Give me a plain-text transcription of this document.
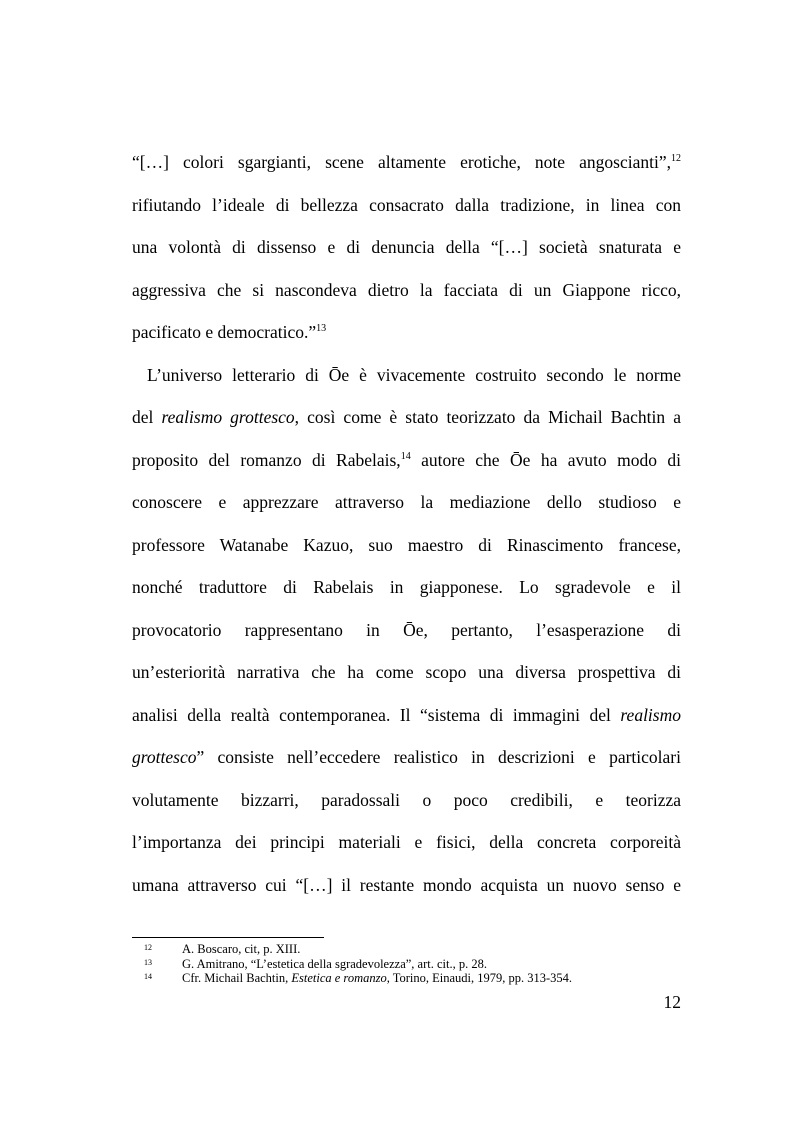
“[…] colori sgargianti, scene altamente erotiche, note angoscianti”,$^{12}$
rifiutando l’ideale di bellezza consacrato dalla tradizione, in linea con
una volontà di dissenso e di denuncia della “[…] società snaturata e
aggressiva che si nascondeva dietro la facciata di un Giappone ricco,
pacificato e democratico.”$^{13}$

L’universo letterario di Ōe è vivacemente costruito secondo le norme
del realismo grottesco, così come è stato teorizzato da Michail Bachtin a
proposito del romanzo di Rabelais,$^{14}$ autore che Ōe ha avuto modo di
conoscere e apprezzare attraverso la mediazione dello studioso e
professore Watanabe Kazuo, suo maestro di Rinascimento francese,
nonché traduttore di Rabelais in giapponese. Lo sgradevole e il
provocatorio rappresentano in Ōe, pertanto, l’esasperazione di
un’esteriorità narrativa che ha come scopo una diversa prospettiva di
analisi della realtà contemporanea. Il “sistema di immagini del realismo
grottesco” consiste nell’eccedere realistico in descrizioni e particolari
volutamente bizzarri, paradossali o poco credibili, e teorizza
l’importanza dei principi materiali e fisici, della concreta corporeità
umana attraverso cui “[…] il restante mondo acquista un nuovo senso e

12 A. Boscaro, cit, p. XIII.
13 G. Amitrano, “L’estetica della sgradevolezza”, art. cit., p. 28.
14 Cfr. Michail Bachtin, Estetica e romanzo, Torino, Einaudi, 1979, pp. 313-354.
12
